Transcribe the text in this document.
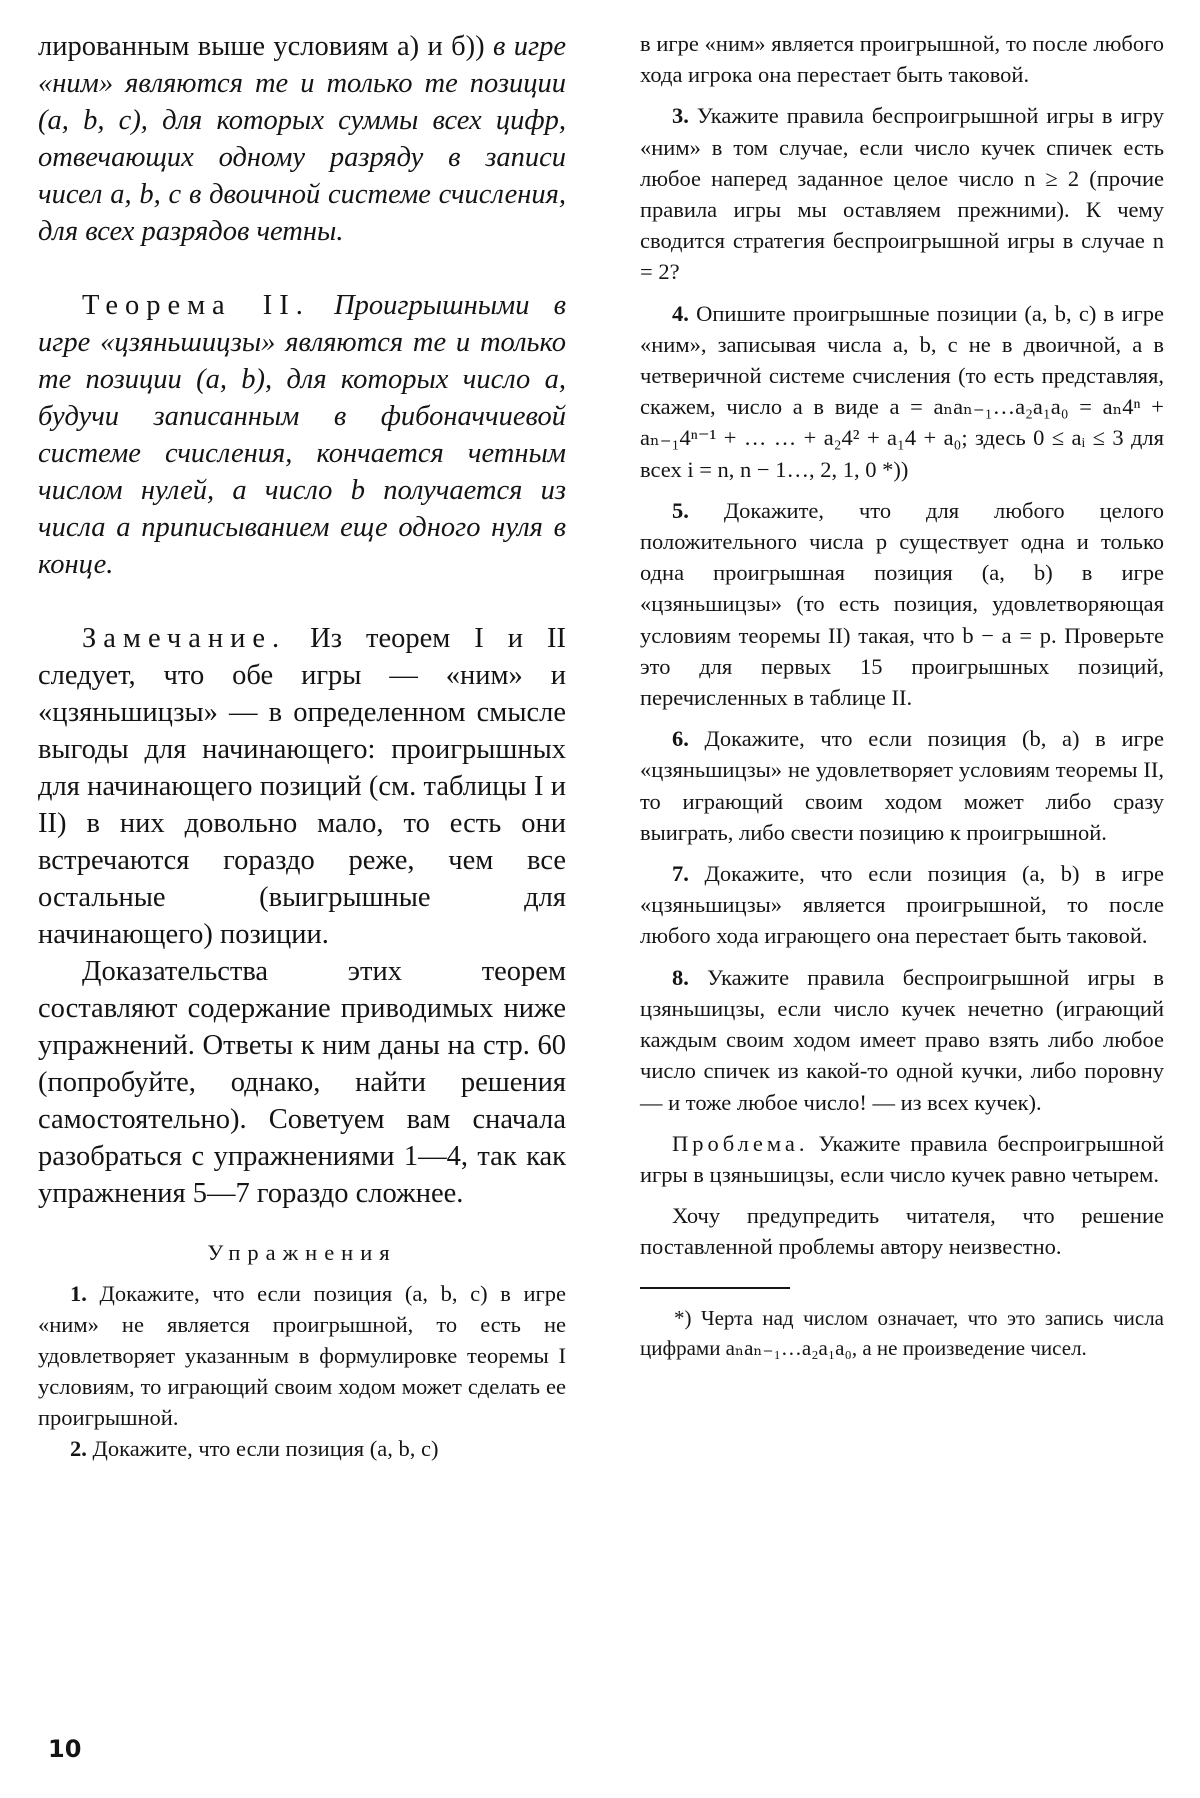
лированным выше условиям а) и б)) в игре «ним» являются те и только те позиции (a, b, c), для которых суммы всех цифр, отвечающих одному разряду в записи чисел a, b, c в двоичной системе счисления, для всех разрядов четны.

Теорема II. Проигрышными в игре «цзяньшицзы» являются те и только те позиции (a, b), для которых число a, будучи записанным в фибоначчиевой системе счисления, кончается четным числом нулей, а число b получается из числа a приписыванием еще одного нуля в конце.

Замечание. Из теорем I и II следует, что обе игры — «ним» и «цзяньшицзы» — в определенном смысле выгоды для начинающего: проигрышных для начинающего позиций (см. таблицы I и II) в них довольно мало, то есть они встречаются гораздо реже, чем все остальные (выигрышные для начинающего) позиции.

Доказательства этих теорем составляют содержание приводимых ниже упражнений. Ответы к ним даны на стр. 60 (попробуйте, однако, найти решения самостоятельно). Советуем вам сначала разобраться с упражнениями 1—4, так как упражнения 5—7 гораздо сложнее.

Упражнения

1. Докажите, что если позиция (a, b, c) в игре «ним» не является проигрышной, то есть не удовлетворяет указанным в формулировке теоремы I условиям, то играющий своим ходом может сделать ее проигрышной.

2. Докажите, что если позиция (a, b, c)

в игре «ним» является проигрышной, то после любого хода игрока она перестает быть таковой.

3. Укажите правила беспроигрышной игры в игру «ним» в том случае, если число кучек спичек есть любое наперед заданное целое число n ≥ 2 (прочие правила игры мы оставляем прежними). К чему сводится стратегия беспроигрышной игры в случае n = 2?

4. Опишите проигрышные позиции (a, b, c) в игре «ним», записывая числа a, b, c не в двоичной, а в четверичной системе счисления (то есть представляя, скажем, число a в виде a = aₙaₙ₋₁…a₂a₁a₀ = aₙ4ⁿ + aₙ₋₁4ⁿ⁻¹ + … … + a₂4² + a₁4 + a₀; здесь 0 ≤ aᵢ ≤ 3 для всех i = n, n − 1…, 2, 1, 0 *))

5. Докажите, что для любого целого положительного числа p существует одна и только одна проигрышная позиция (a, b) в игре «цзяньшицзы» (то есть позиция, удовлетворяющая условиям теоремы II) такая, что b − a = p. Проверьте это для первых 15 проигрышных позиций, перечисленных в таблице II.

6. Докажите, что если позиция (b, a) в игре «цзяньшицзы» не удовлетворяет условиям теоремы II, то играющий своим ходом может либо сразу выиграть, либо свести позицию к проигрышной.

7. Докажите, что если позиция (a, b) в игре «цзяньшицзы» является проигрышной, то после любого хода играющего она перестает быть таковой.

8. Укажите правила беспроигрышной игры в цзяньшицзы, если число кучек нечетно (играющий каждым своим ходом имеет право взять либо любое число спичек из какой-то одной кучки, либо поровну — и тоже любое число! — из всех кучек).

Проблема. Укажите правила беспроигрышной игры в цзяньшицзы, если число кучек равно четырем.

Хочу предупредить читателя, что решение поставленной проблемы автору неизвестно.

*) Черта над числом означает, что это запись числа цифрами aₙaₙ₋₁…a₂a₁a₀, а не произведение чисел.

10
